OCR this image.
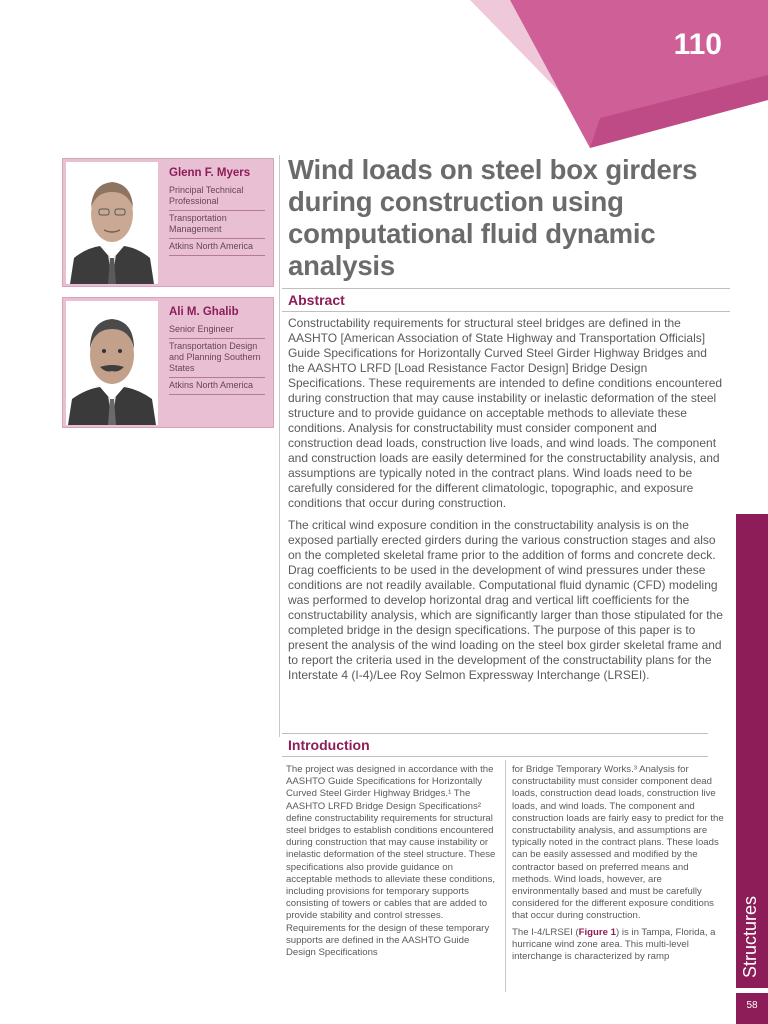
110
Glenn F. Myers
Principal Technical Professional
Transportation Management
Atkins North America
Ali M. Ghalib
Senior Engineer
Transportation Design and Planning Southern States
Atkins North America
Wind loads on steel box girders during construction using computational fluid dynamic analysis
Abstract

Constructability requirements for structural steel bridges are defined in the AASHTO [American Association of State Highway and Transportation Officials] Guide Specifications for Horizontally Curved Steel Girder Highway Bridges and the AASHTO LRFD [Load Resistance Factor Design] Bridge Design Specifications. These requirements are intended to define conditions encountered during construction that may cause instability or inelastic deformation of the steel structure and to provide guidance on acceptable methods to alleviate these conditions. Analysis for constructability must consider component and construction dead loads, construction live loads, and wind loads. The component and construction loads are easily determined for the constructability analysis, and assumptions are typically noted in the contract plans. Wind loads need to be carefully considered for the different climatologic, topographic, and exposure conditions that occur during construction.

The critical wind exposure condition in the constructability analysis is on the exposed partially erected girders during the various construction stages and also on the completed skeletal frame prior to the addition of forms and concrete deck. Drag coefficients to be used in the development of wind pressures under these conditions are not readily available. Computational fluid dynamic (CFD) modeling was performed to develop horizontal drag and vertical lift coefficients for the constructability analysis, which are significantly larger than those stipulated for the completed bridge in the design specifications. The purpose of this paper is to present the analysis of the wind loading on the steel box girder skeletal frame and to report the criteria used in the development of the constructability plans for the Interstate 4 (I-4)/Lee Roy Selmon Expressway Interchange (LRSEI).

Introduction

The project was designed in accordance with the AASHTO Guide Specifications for Horizontally Curved Steel Girder Highway Bridges.¹ The AASHTO LRFD Bridge Design Specifications² define constructability requirements for structural steel bridges to establish conditions encountered during construction that may cause instability or inelastic deformation of the steel structure. These specifications also provide guidance on acceptable methods to alleviate these conditions, including provisions for temporary supports consisting of towers or cables that are added to provide stability and control stresses. Requirements for the design of these temporary supports are defined in the AASHTO Guide Design Specifications

for Bridge Temporary Works.³ Analysis for constructability must consider component dead loads, construction dead loads, construction live loads, and wind loads. The component and construction loads are fairly easy to predict for the constructability analysis, and assumptions are typically noted in the contract plans. These loads can be easily assessed and modified by the contractor based on preferred means and methods. Wind loads, however, are environmentally based and must be carefully considered for the different exposure conditions that occur during construction.

The I-4/LRSEI (Figure 1) is in Tampa, Florida, a hurricane wind zone area. This multi-level interchange is characterized by ramp	Structures
58
